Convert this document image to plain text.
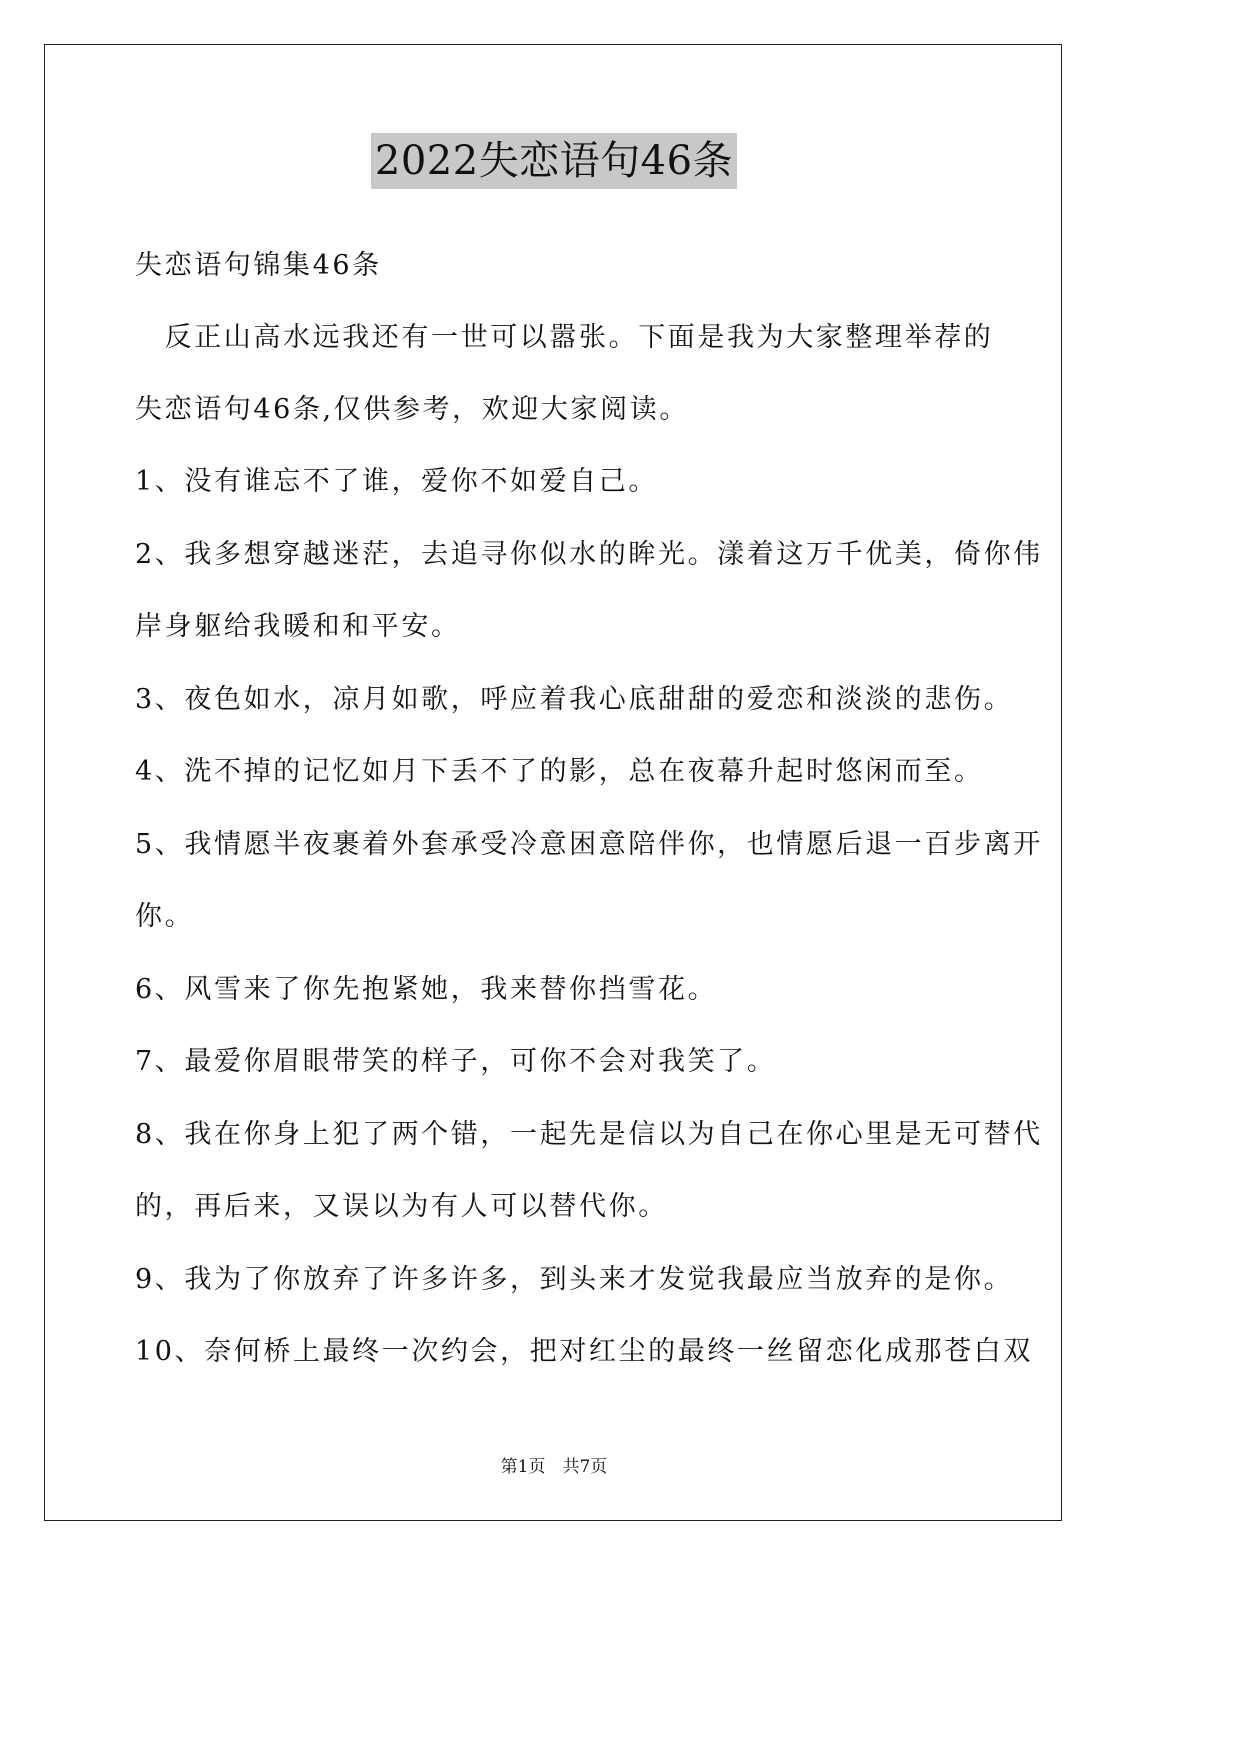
2022失恋语句46条
失恋语句锦集46条
　反正山高水远我还有一世可以嚣张。下面是我为大家整理举荐的
失恋语句46条,仅供参考，欢迎大家阅读。
1、没有谁忘不了谁，爱你不如爱自己。
2、我多想穿越迷茫，去追寻你似水的眸光。漾着这万千优美，倚你伟
岸身躯给我暖和和平安。
3、夜色如水，凉月如歌，呼应着我心底甜甜的爱恋和淡淡的悲伤。
4、洗不掉的记忆如月下丢不了的影，总在夜幕升起时悠闲而至。
5、我情愿半夜裹着外套承受冷意困意陪伴你，也情愿后退一百步离开
你。
6、风雪来了你先抱紧她，我来替你挡雪花。
7、最爱你眉眼带笑的样子，可你不会对我笑了。
8、我在你身上犯了两个错，一起先是信以为自己在你心里是无可替代
的，再后来，又误以为有人可以替代你。
9、我为了你放弃了许多许多，到头来才发觉我最应当放弃的是你。
10、奈何桥上最终一次约会，把对红尘的最终一丝留恋化成那苍白双
第1页　共7页
